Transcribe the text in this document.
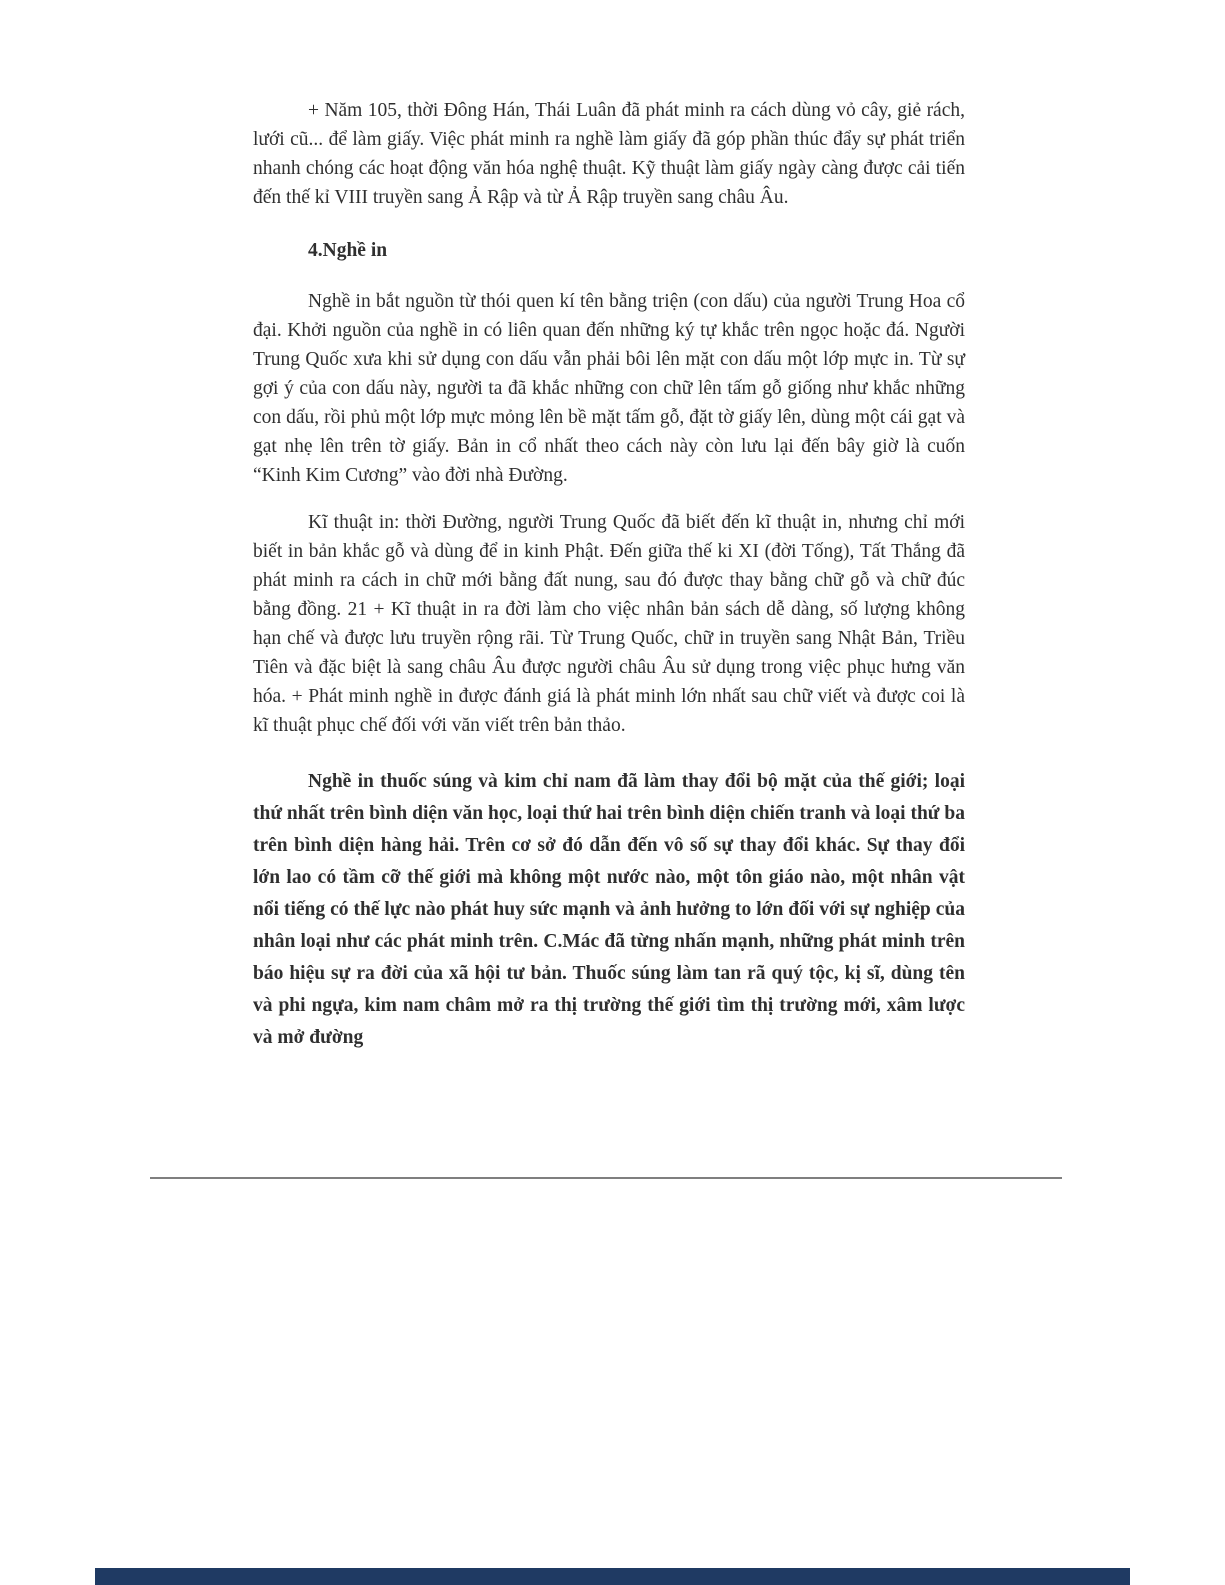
+ Năm 105, thời Đông Hán, Thái Luân đã phát minh ra cách dùng vỏ cây, giẻ rách, lưới cũ... để làm giấy. Việc phát minh ra nghề làm giấy đã góp phần thúc đẩy sự phát triển nhanh chóng các hoạt động văn hóa nghệ thuật. Kỹ thuật làm giấy ngày càng được cải tiến đến thế kỉ VIII truyền sang Ả Rập và từ Ả Rập truyền sang châu Âu.

4.Nghề in

Nghề in bắt nguồn từ thói quen kí tên bằng triện (con dấu) của người Trung Hoa cổ đại. Khởi nguồn của nghề in có liên quan đến những ký tự khắc trên ngọc hoặc đá. Người Trung Quốc xưa khi sử dụng con dấu vẫn phải bôi lên mặt con dấu một lớp mực in. Từ sự gợi ý của con dấu này, người ta đã khắc những con chữ lên tấm gỗ giống như khắc những con dấu, rồi phủ một lớp mực mỏng lên bề mặt tấm gỗ, đặt tờ giấy lên, dùng một cái gạt và gạt nhẹ lên trên tờ giấy. Bản in cổ nhất theo cách này còn lưu lại đến bây giờ là cuốn “Kinh Kim Cương” vào đời nhà Đường.

Kĩ thuật in: thời Đường, người Trung Quốc đã biết đến kĩ thuật in, nhưng chỉ mới biết in bản khắc gỗ và dùng để in kinh Phật. Đến giữa thế ki XI (đời Tống), Tất Thắng đã phát minh ra cách in chữ mới bằng đất nung, sau đó được thay bằng chữ gỗ và chữ đúc bằng đồng. 21 + Kĩ thuật in ra đời làm cho việc nhân bản sách dễ dàng, số lượng không hạn chế và được lưu truyền rộng rãi. Từ Trung Quốc, chữ in truyền sang Nhật Bản, Triều Tiên và đặc biệt là sang châu Âu được người châu Âu sử dụng trong việc phục hưng văn hóa. + Phát minh nghề in được đánh giá là phát minh lớn nhất sau chữ viết và được coi là kĩ thuật phục chế đối với văn viết trên bản thảo.

Nghề in thuốc súng và kim chỉ nam đã làm thay đổi bộ mặt của thế giới; loại thứ nhất trên bình diện văn học, loại thứ hai trên bình diện chiến tranh và loại thứ ba trên bình diện hàng hải. Trên cơ sở đó dẫn đến vô số sự thay đổi khác. Sự thay đổi lớn lao có tầm cỡ thế giới mà không một nước nào, một tôn giáo nào, một nhân vật nổi tiếng có thế lực nào phát huy sức mạnh và ảnh hưởng to lớn đối với sự nghiệp của nhân loại như các phát minh trên. C.Mác đã từng nhấn mạnh, những phát minh trên báo hiệu sự ra đời của xã hội tư bản. Thuốc súng làm tan rã quý tộc, kị sĩ, dùng tên và phi ngựa, kim nam châm mở ra thị trường thế giới tìm thị trường mới, xâm lược và mở đường
